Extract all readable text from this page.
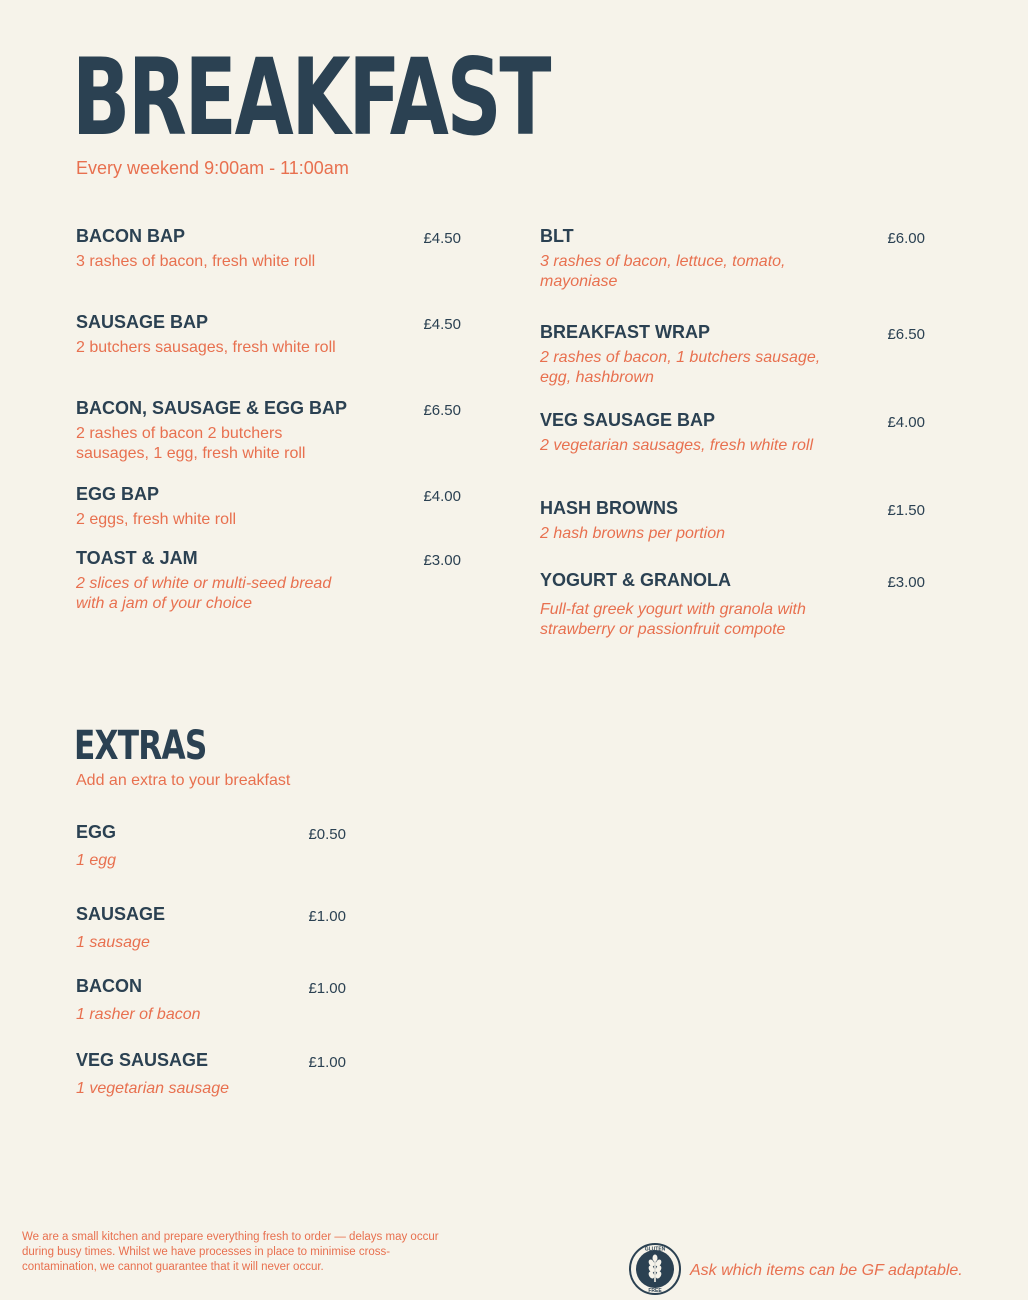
BREAKFAST

Every weekend 9:00am - 11:00am

BACON BAP	£4.50
3 rashes of bacon, fresh white roll
SAUSAGE BAP	£4.50
2 butchers sausages, fresh white roll
BACON, SAUSAGE & EGG BAP	£6.50
2 rashes of bacon 2 butchers sausages, 1 egg, fresh white roll
EGG BAP	£4.00
2 eggs, fresh white roll
TOAST & JAM	£3.00
2 slices of white or multi-seed bread with a jam of your choice
BLT	£6.00
3 rashes of bacon, lettuce, tomato, mayoniase
BREAKFAST WRAP	£6.50
2 rashes of bacon, 1 butchers sausage, egg, hashbrown
VEG SAUSAGE BAP	£4.00
2 vegetarian sausages, fresh white roll
HASH BROWNS	£1.50
2 hash browns per portion
YOGURT & GRANOLA	£3.00
Full-fat greek yogurt with granola with strawberry or passionfruit compote
EXTRAS

Add an extra to your breakfast

EGG	£0.50
1 egg
SAUSAGE	£1.00
1 sausage
BACON	£1.00
1 rasher of bacon
VEG SAUSAGE	£1.00
1 vegetarian sausage

We are a small kitchen and prepare everything fresh to order — delays may occur during busy times. Whilst we have processes in place to minimise cross-contamination, we cannot guarantee that it will never occur.

GLUTEN
FREE
Ask which items can be GF adaptable.
